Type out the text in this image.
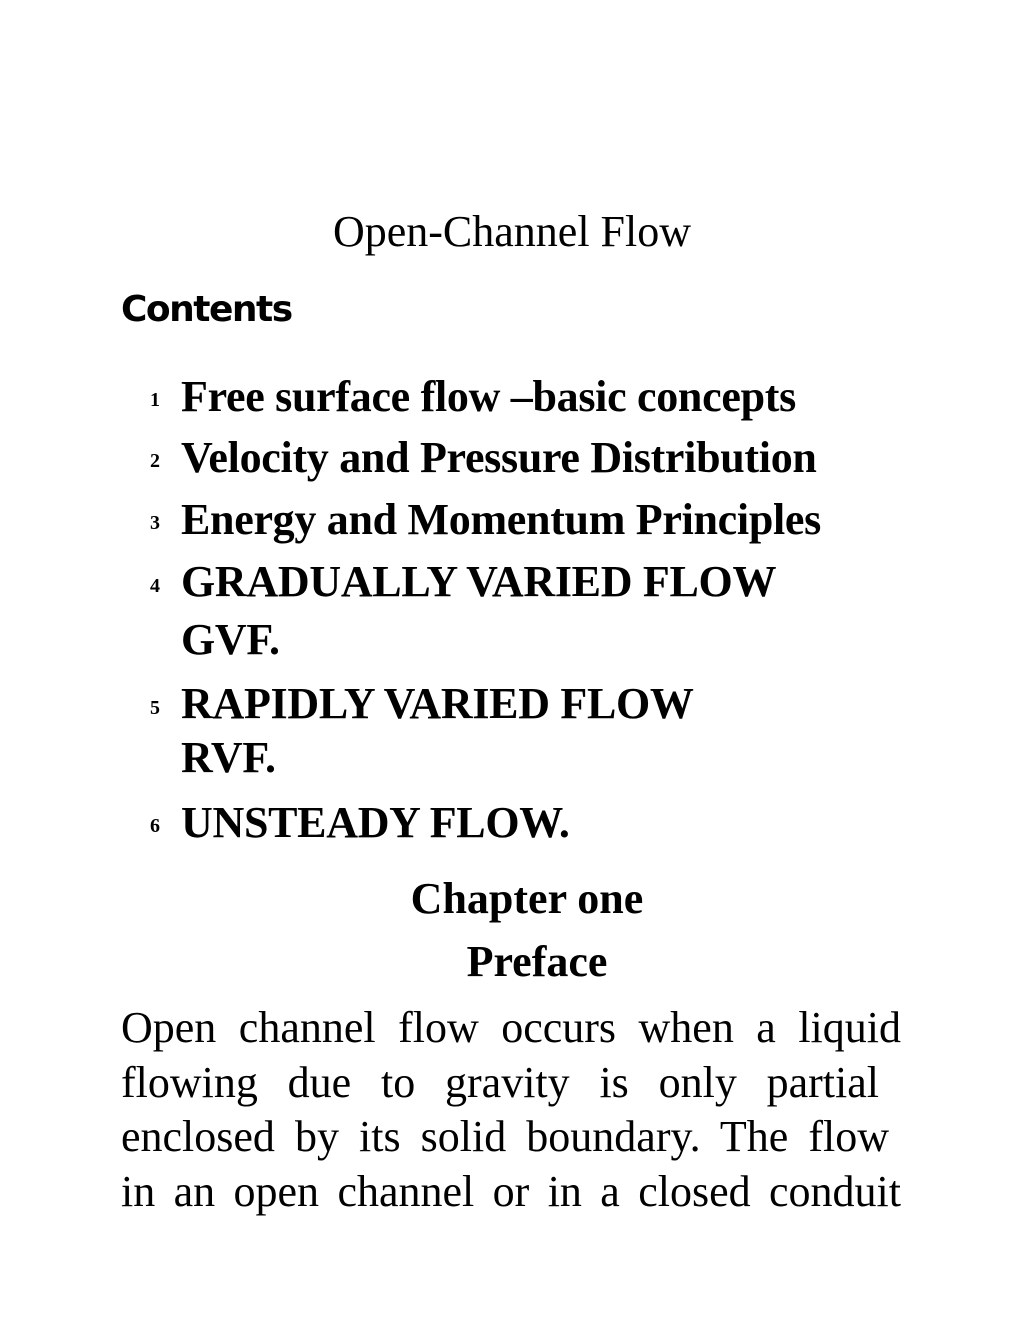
Open-Channel Flow
Contents
1 Free surface flow –basic concepts
2 Velocity and Pressure Distribution
3 Energy and Momentum Principles
4 GRADUALLY VARIED FLOW GVF.
5 RAPIDLY VARIED FLOW RVF.
6 UNSTEADY FLOW.
Chapter one
Preface

Open channel flow occurs when a liquid
flowing due to gravity is only partial
enclosed by its solid boundary. The flow
in an open channel or in a closed conduit
